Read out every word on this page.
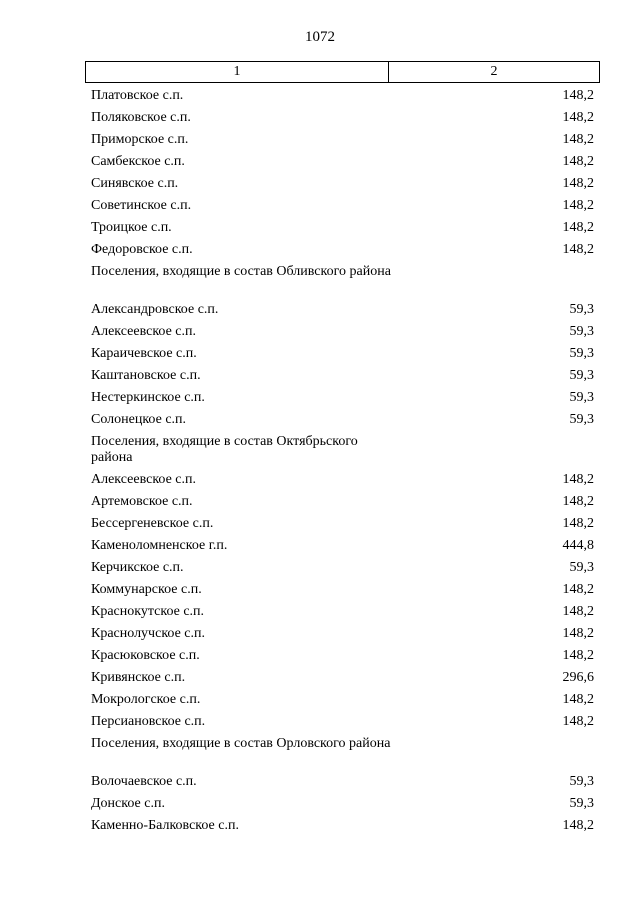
1072
1	2
Платовское с.п.	148,2
Поляковское с.п.	148,2
Приморское с.п.	148,2
Самбекское с.п.	148,2
Синявское с.п.	148,2
Советинское с.п.	148,2
Троицкое с.п.	148,2
Федоровское с.п.	148,2
Поселения, входящие в состав Обливского района
Александровское с.п.	59,3
Алексеевское с.п.	59,3
Караичевское с.п.	59,3
Каштановское с.п.	59,3
Нестеркинское с.п.	59,3
Солонецкое с.п.	59,3
Поселения, входящие в состав Октябрьского района
Алексеевское с.п.	148,2
Артемовское с.п.	148,2
Бессергеневское с.п.	148,2
Каменоломненское г.п.	444,8
Керчикское с.п.	59,3
Коммунарское с.п.	148,2
Краснокутское с.п.	148,2
Краснолучское с.п.	148,2
Красюковское с.п.	148,2
Кривянское с.п.	296,6
Мокрологское с.п.	148,2
Персиановское с.п.	148,2
Поселения, входящие в состав Орловского района
Волочаевское с.п.	59,3
Донское с.п.	59,3
Каменно-Балковское с.п.	148,2
